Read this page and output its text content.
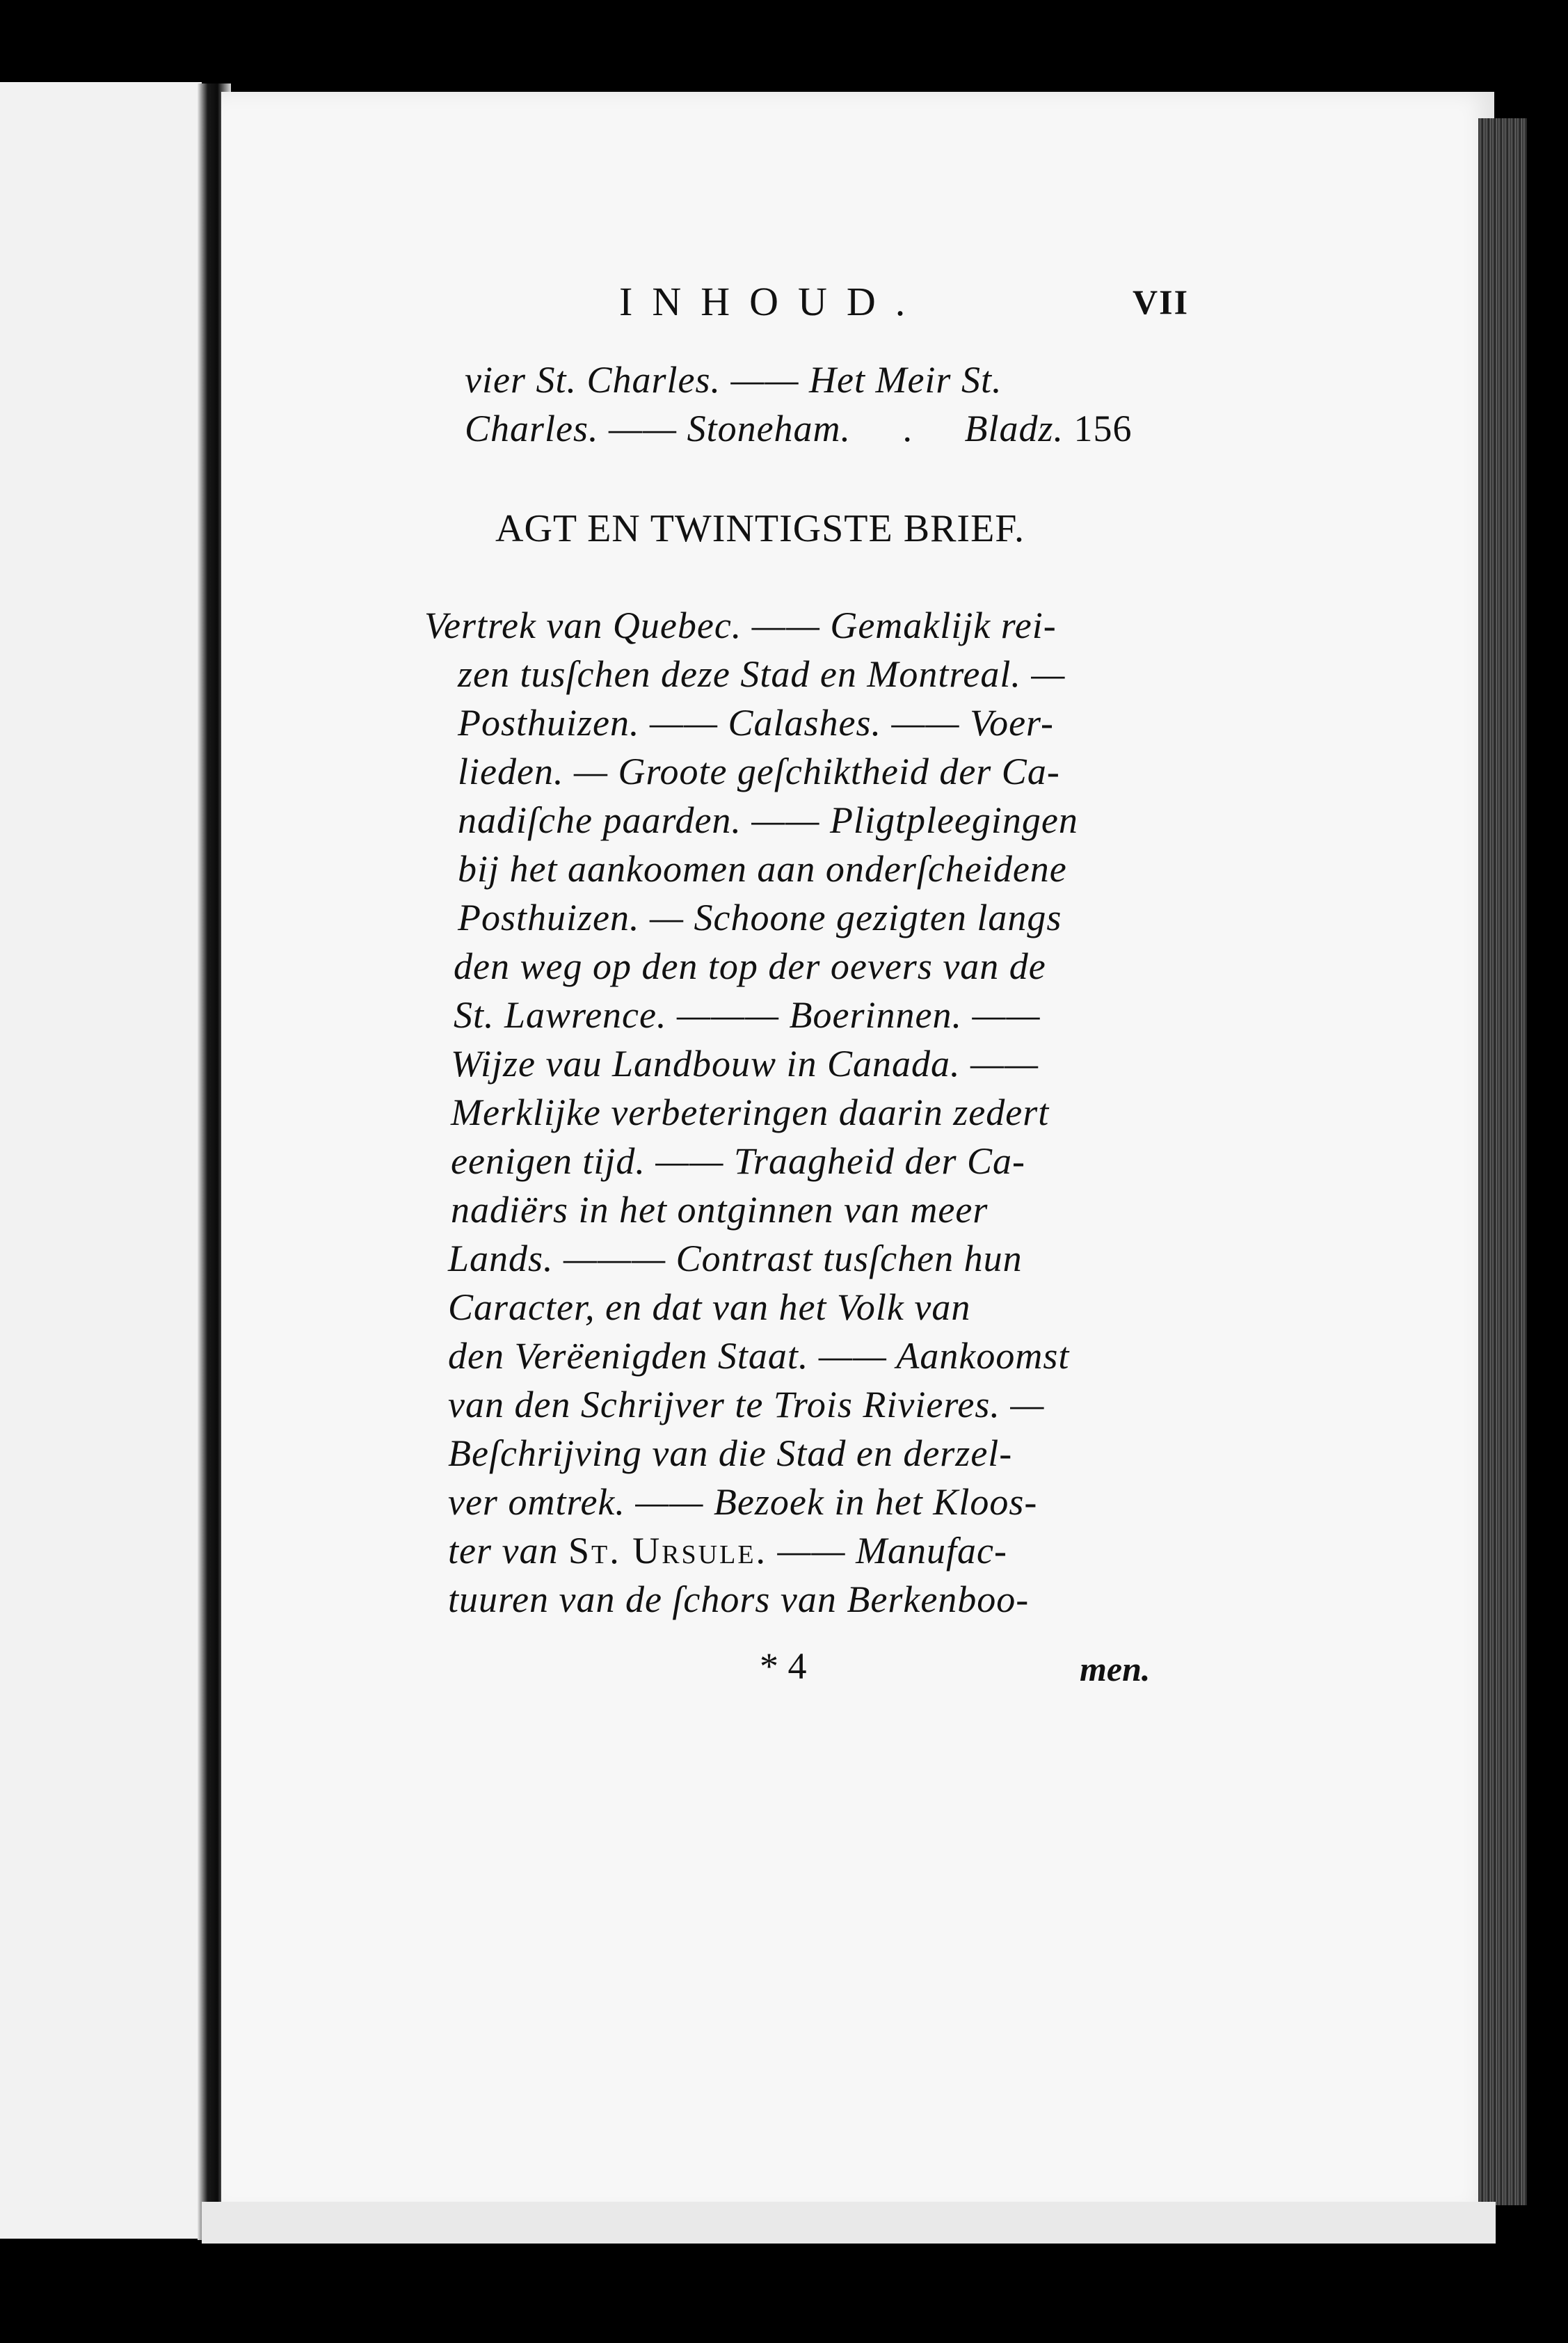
INHOUD.	VII
vier St. Charles. —— Het Meir St.
Charles. —— Stoneham. . Bladz. 156
AGT EN TWINTIGSTE BRIEF.
Vertrek van Quebec. —— Gemaklijk rei-
zen tusſchen deze Stad en Montreal. —
Posthuizen. —— Calashes. —— Voer-
lieden. — Groote geſchiktheid der Ca-
nadiſche paarden. —— Pligtpleegingen
bij het aankoomen aan onderſcheidene
Posthuizen. — Schoone gezigten langs
den weg op den top der oevers van de
St. Lawrence. ——— Boerinnen. ——
Wijze vau Landbouw in Canada. ——
Merklijke verbeteringen daarin zedert
eenigen tijd. —— Traagheid der Ca-
nadiërs in het ontginnen van meer
Lands. ——— Contrast tusſchen hun
Caracter, en dat van het Volk van
den Verëenigden Staat. —— Aankoomst
van den Schrijver te Trois Rivieres. —
Beſchrijving van die Stad en derzel-
ver omtrek. —— Bezoek in het Kloos-
ter van St. Ursule. —— Manufac-
tuuren van de ſchors van Berkenboo-
* 4	men.
